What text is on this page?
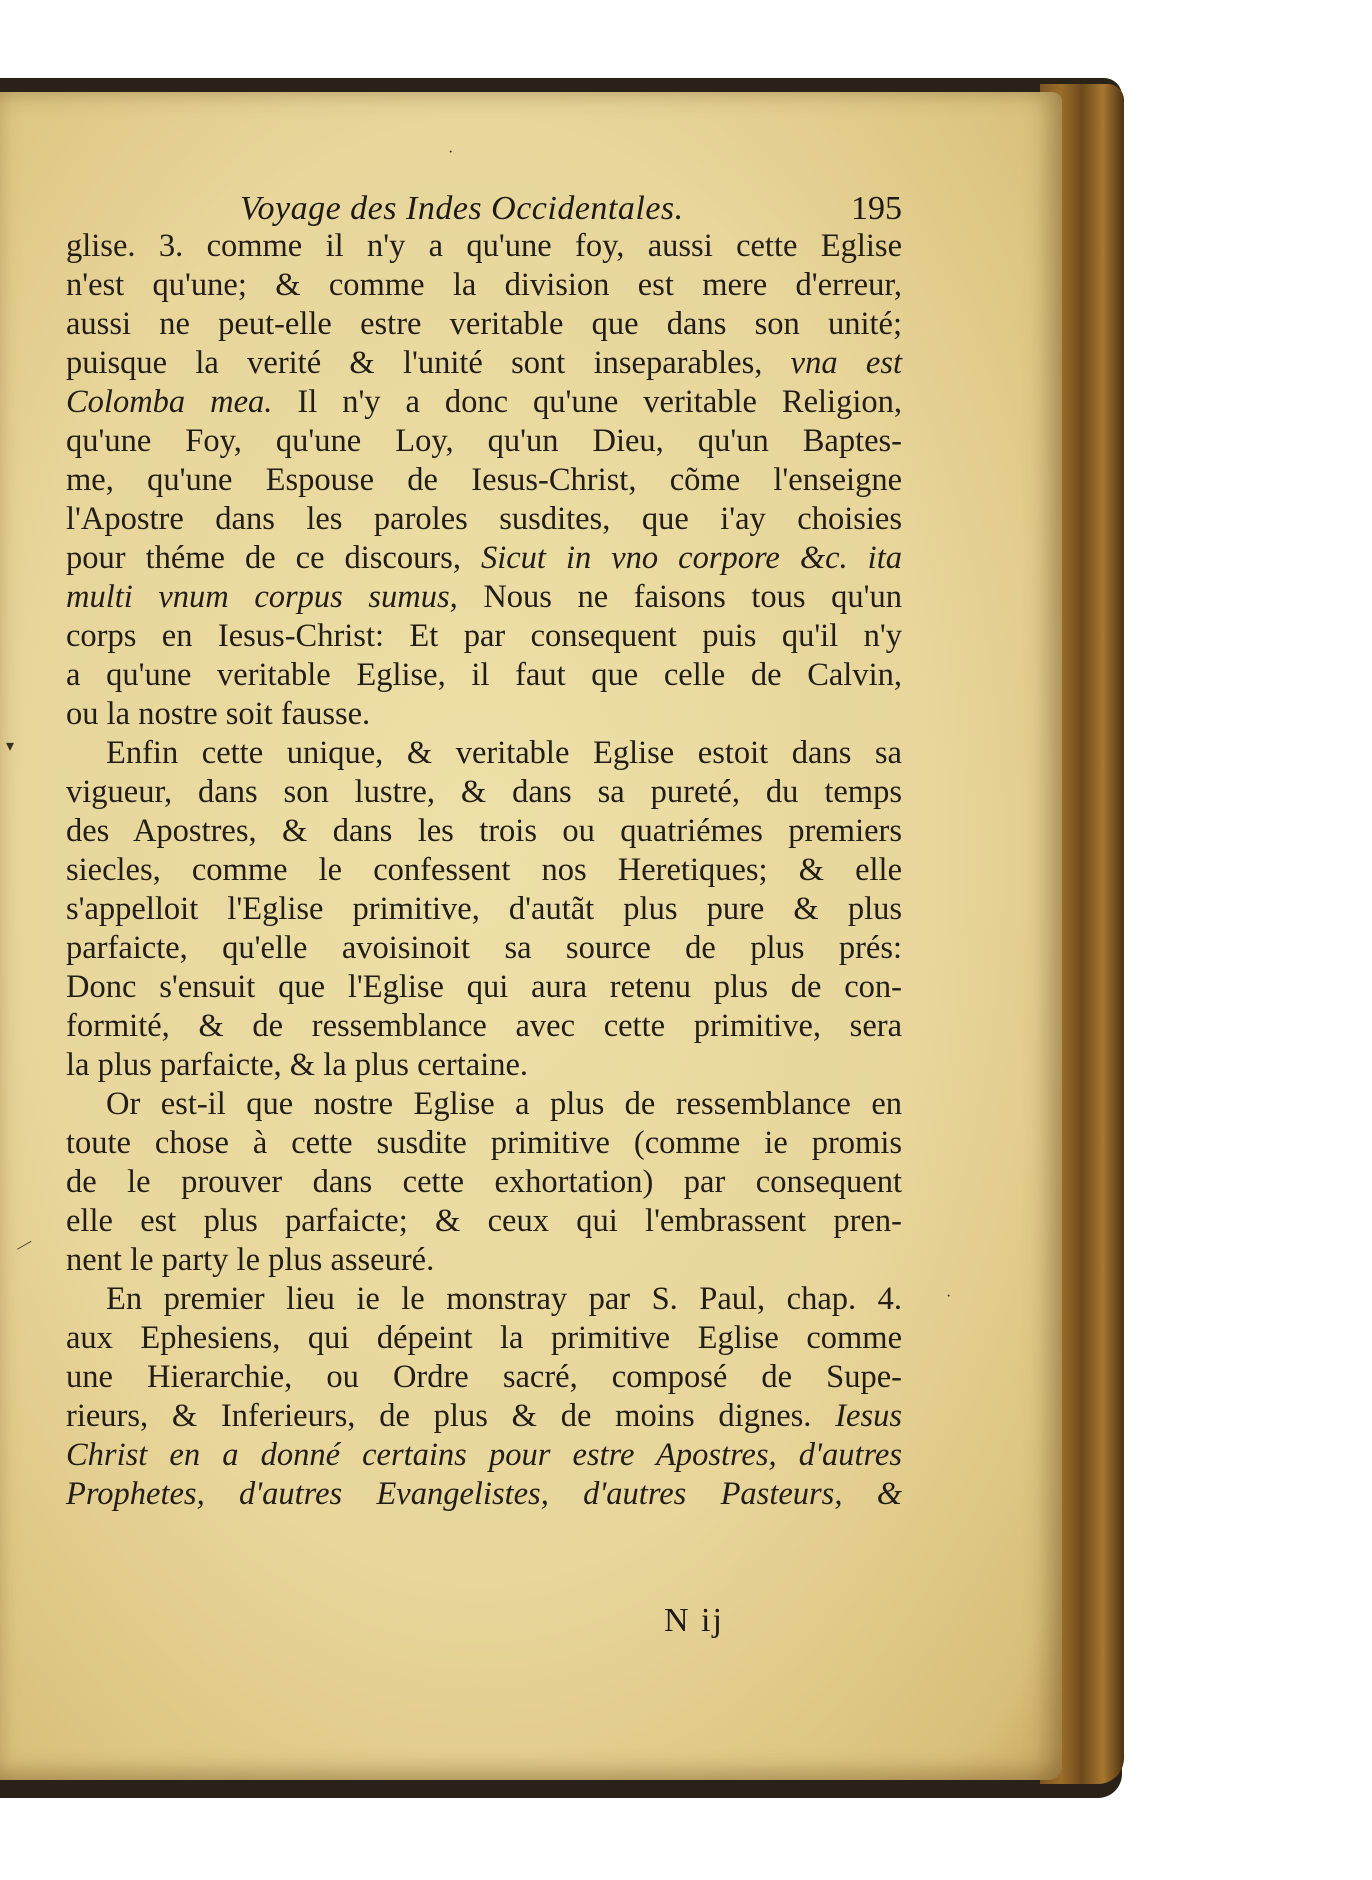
Voyage des Indes Occidentales.	195
glise. 3. comme il n'y a qu'une foy, aussi cette Eglise
n'est qu'une; & comme la division est mere d'erreur,
aussi ne peut-elle estre veritable que dans son unité;
puisque la verité & l'unité sont inseparables, vna est
Colomba mea. Il n'y a donc qu'une veritable Religion,
qu'une Foy, qu'une Loy, qu'un Dieu, qu'un Baptes-
me, qu'une Espouse de Iesus-Christ, cõme l'enseigne
l'Apostre dans les paroles susdites, que i'ay choisies
pour théme de ce discours, Sicut in vno corpore &c. ita
multi vnum corpus sumus, Nous ne faisons tous qu'un
corps en Iesus-Christ: Et par consequent puis qu'il n'y
a qu'une veritable Eglise, il faut que celle de Calvin,
ou la nostre soit fausse.
Enfin cette unique, & veritable Eglise estoit dans sa
vigueur, dans son lustre, & dans sa pureté, du temps
des Apostres, & dans les trois ou quatriémes premiers
siecles, comme le confessent nos Heretiques; & elle
s'appelloit l'Eglise primitive, d'autãt plus pure & plus
parfaicte, qu'elle avoisinoit sa source de plus prés:
Donc s'ensuit que l'Eglise qui aura retenu plus de con-
formité, & de ressemblance avec cette primitive, sera
la plus parfaicte, & la plus certaine.
Or est-il que nostre Eglise a plus de ressemblance en
toute chose à cette susdite primitive (comme ie promis
de le prouver dans cette exhortation) par consequent
elle est plus parfaicte; & ceux qui l'embrassent pren-
nent le party le plus asseuré.
En premier lieu ie le monstray par S. Paul, chap. 4.
aux Ephesiens, qui dépeint la primitive Eglise comme
une Hierarchie, ou Ordre sacré, composé de Supe-
rieurs, & Inferieurs, de plus & de moins dignes. Iesus
Christ en a donné certains pour estre Apostres, d'autres
Prophetes, d'autres Evangelistes, d'autres Pasteurs, &
N ij
▾
—
·
·
